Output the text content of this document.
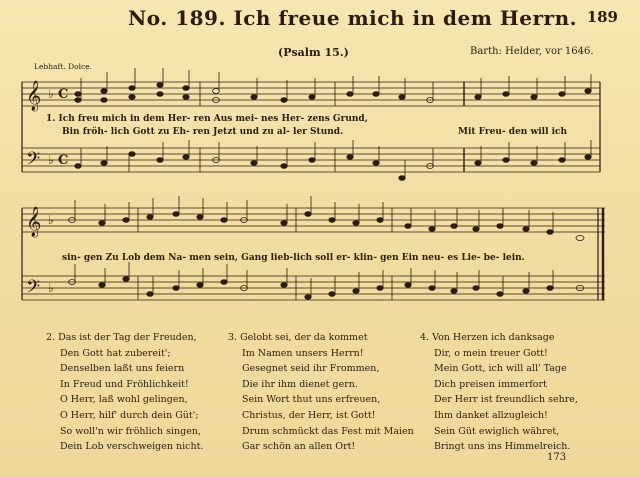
No. 189. Ich freue mich in dem Herrn. 189
(Psalm 15.)	Barth: Helder, vor 1646.
Lebhaft. Dolce.
𝄞 ♭ C
𝄢 ♭ C
𝄞 ♭
𝄢 ♭
1. Ich freu mich in dem Her- ren Aus mei- nes Her- zens Grund,
Bin fröh- lich Gott zu Eh- ren Jetzt und zu al- ler Stund.	Mit Freu- den will ich
sin- gen Zu Lob dem Na- men sein, Gang lieb-lich soll er- klin- gen Ein neu- es Lie- be- lein.
2. Das ist der Tag der Freuden,
Den Gott hat zubereit';
Denselben laßt uns feiern
In Freud und Fröhlichkeit!
O Herr, laß wohl gelingen,
O Herr, hilf' durch dein Güt';
So woll'n wir fröhlich singen,
Dein Lob verschweigen nicht.
3. Gelobt sei, der da kommet
Im Namen unsers Herrn!
Gesegnet seid ihr Frommen,
Die ihr ihm dienet gern.
Sein Wort thut uns erfreuen,
Christus, der Herr, ist Gott!
Drum schmückt das Fest mit Maien
Gar schön an allen Ort!
4. Von Herzen ich danksage
Dir, o mein treuer Gott!
Mein Gott, ich will all' Tage
Dich preisen immerfort
Der Herr ist freundlich sehre,
Ihm danket allzugleich!
Sein Güt ewiglich währet,
Bringt uns ins Himmelreich.
173
